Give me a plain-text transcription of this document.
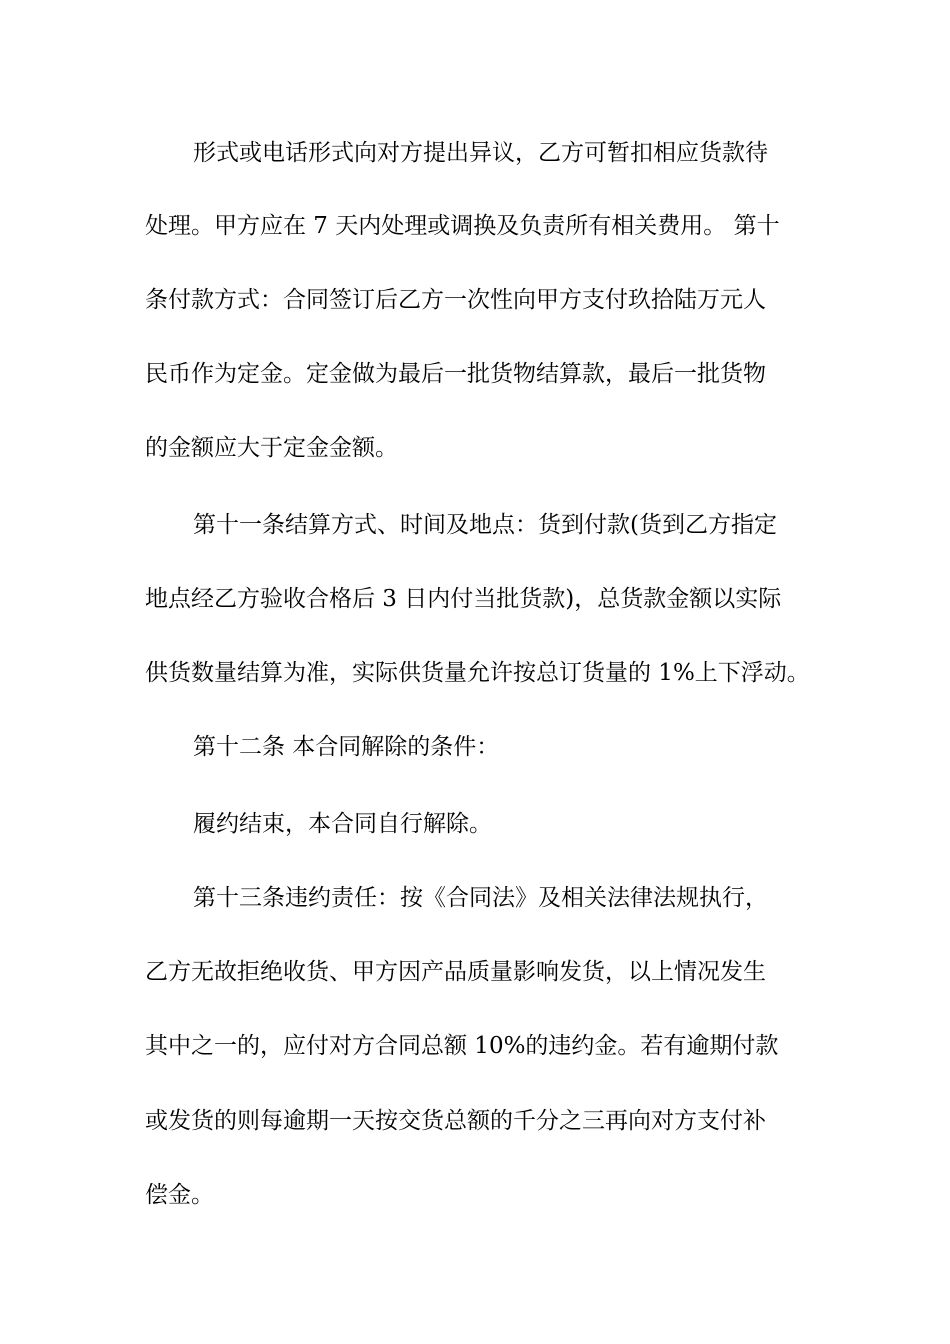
形式或电话形式向对方提出异议，乙方可暂扣相应货款待
处理。甲方应在 7 天内处理或调换及负责所有相关费用。 第十
条付款方式：合同签订后乙方一次性向甲方支付玖拾陆万元人
民币作为定金。定金做为最后一批货物结算款，最后一批货物
的金额应大于定金金额。
第十一条结算方式、时间及地点：货到付款(货到乙方指定
地点经乙方验收合格后 3 日内付当批货款)，总货款金额以实际
供货数量结算为准，实际供货量允许按总订货量的 1%上下浮动。
第十二条 本合同解除的条件：
履约结束，本合同自行解除。
第十三条违约责任：按《合同法》及相关法律法规执行，
乙方无故拒绝收货、甲方因产品质量影响发货，以上情况发生
其中之一的，应付对方合同总额 10%的违约金。若有逾期付款
或发货的则每逾期一天按交货总额的千分之三再向对方支付补
偿金。
